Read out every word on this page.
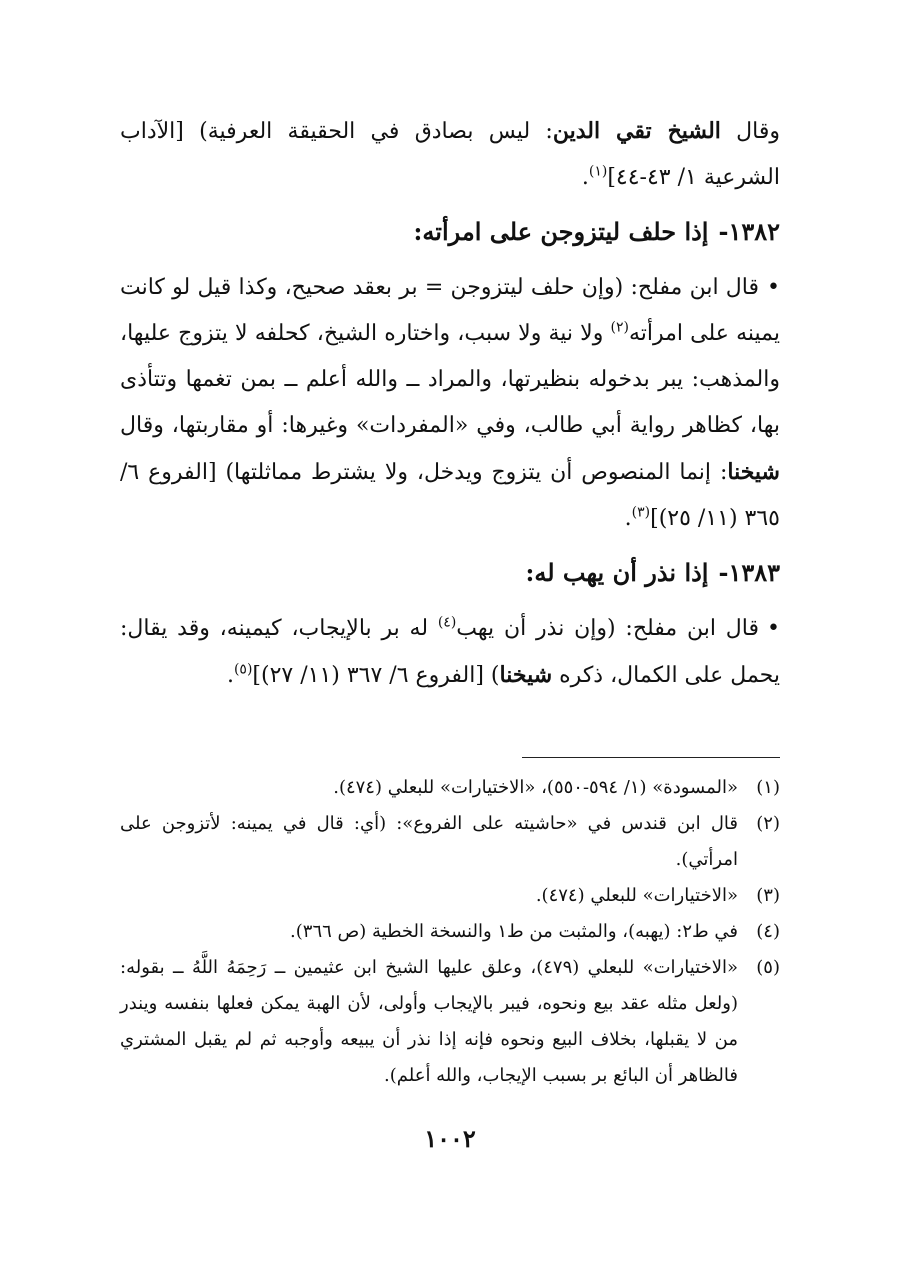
وقال الشيخ تقي الدين: ليس بصادق في الحقيقة العرفية) [الآداب الشرعية ١/ ٤٣-٤٤]$^{(١)}$.

١٣٨٢-إذا حلف ليتزوجن على امرأته:

•قال ابن مفلح: (وإن حلف ليتزوجن = بر بعقد صحيح، وكذا قيل لو كانت يمينه على امرأته$^{(٢)}$ ولا نية ولا سبب، واختاره الشيخ، كحلفه لا يتزوج عليها، والمذهب: يبر بدخوله بنظيرتها، والمراد ــ والله أعلم ــ بمن تغمها وتتأذى بها، كظاهر رواية أبي طالب، وفي «المفردات» وغيرها: أو مقاربتها، وقال شيخنا: إنما المنصوص أن يتزوج ويدخل، ولا يشترط مماثلتها) [الفروع ٦/ ٣٦٥ (١١/ ٢٥)]$^{(٣)}$.

١٣٨٣-إذا نذر أن يهب له:

•قال ابن مفلح: (وإن نذر أن يهب$^{(٤)}$ له بر بالإيجاب، كيمينه، وقد يقال: يحمل على الكمال، ذكره شيخنا) [الفروع ٦/ ٣٦٧ (١١/ ٢٧)]$^{(٥)}$.

(١)
«المسودة» (١/ ٥٩٤-٥٥٠)، «الاختيارات» للبعلي (٤٧٤).
(٢)
قال ابن قندس في «حاشيته على الفروع»: (أي: قال في يمينه: لأتزوجن على امرأتي).
(٣)
«الاختيارات» للبعلي (٤٧٤).
(٤)
في ط٢: (يهبه)، والمثبت من ط١ والنسخة الخطية (ص ٣٦٦).
(٥)
«الاختيارات» للبعلي (٤٧٩)، وعلق عليها الشيخ ابن عثيمين ــ رَحِمَهُ اللَّهُ ــ بقوله: (ولعل مثله عقد بيع ونحوه، فيبر بالإيجاب وأولى، لأن الهبة يمكن فعلها بنفسه ويندر من لا يقبلها، بخلاف البيع ونحوه فإنه إذا نذر أن يبيعه وأوجبه ثم لم يقبل المشتري فالظاهر أن البائع بر بسبب الإيجاب، والله أعلم).
١٠٠٢
